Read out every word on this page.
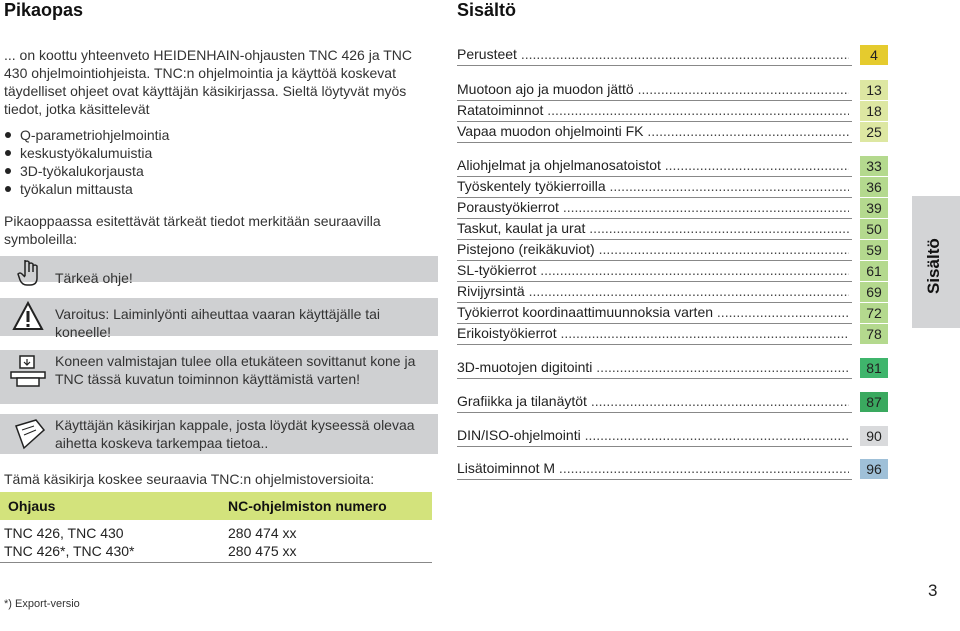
Pikaopas
... on koottu yhteenveto HEIDENHAIN-ohjausten TNC 426 ja TNC 430 ohjelmointiohjeista. TNC:n ohjelmointia ja käyttöä koskevat täydelliset ohjeet ovat käyttäjän käsikirjassa. Sieltä löytyvät myös tiedot, jotka käsittelevät
Q-parametriohjelmointia
keskustyökalumuistia
3D-työkalukorjausta
työkalun mittausta
Pikaoppaassa esitettävät tärkeät tiedot merkitään seuraavilla symboleilla:
Tärkeä ohje!
Varoitus: Laiminlyönti aiheuttaa vaaran käyttäjälle tai koneelle!
Koneen valmistajan tulee olla etukäteen sovittanut kone ja TNC tässä kuvatun toiminnon käyttämistä varten!
Käyttäjän käsikirjan kappale, josta löydät kyseessä olevaa aihetta koskeva tarkempaa tietoa..
Tämä käsikirja koskee seuraavia TNC:n ohjelmistoversioita:
Ohjaus	NC-ohjelmiston numero
TNC 426, TNC 430	280 474 xx
TNC 426*, TNC 430*	280 475 xx
*) Export-versio
Sisältö
Perusteet .....	4
Muotoon ajo ja muodon jättö .....	13
Ratatoiminnot .....	18
Vapaa muodon ohjelmointi FK .....	25
Aliohjelmat ja ohjelmanosatoistot .....	33
Työskentely työkierroilla .....	36
Poraustyökierrot .....	39
Taskut, kaulat ja urat .....	50
Pistejono (reikäkuviot) .....	59
SL-työkierrot .....	61
Rivijyrsintä .....	69
Työkierrot koordinaattimuunnoksia varten .....	72
Erikoistyökierrot .....	78
3D-muotojen digitointi .....	81
Grafiikka ja tilanäytöt .....	87
DIN/ISO-ohjelmointi .....	90
Lisätoiminnot M .....	96
Sisältö
3
